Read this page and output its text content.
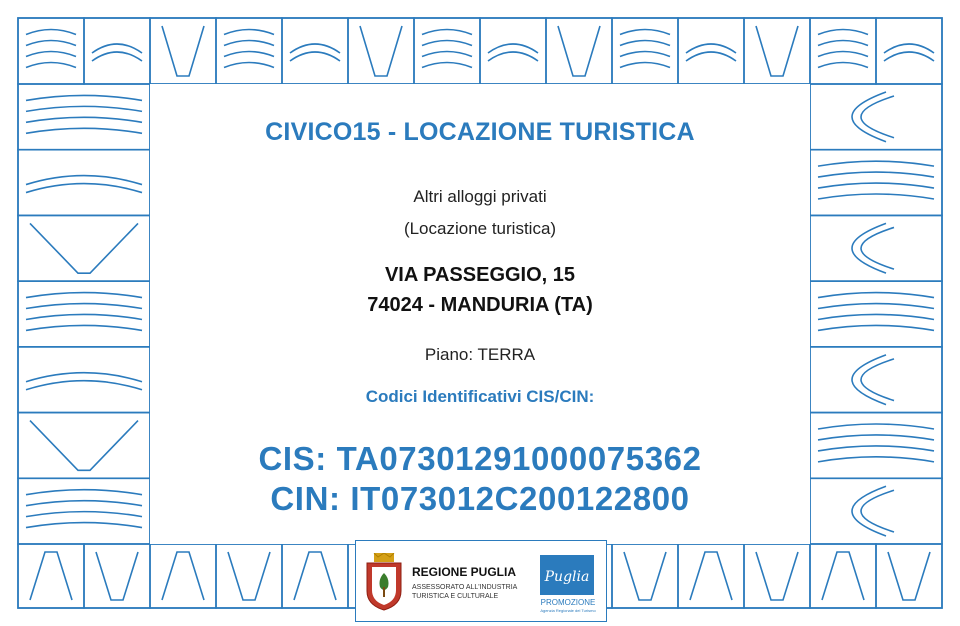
CIVICO15 - LOCAZIONE TURISTICA
Altri alloggi privati
(Locazione turistica)
VIA PASSEGGIO, 15
74024 - MANDURIA (TA)
Piano: TERRA
Codici Identificativi CIS/CIN:
CIS: TA07301291000075362
CIN: IT073012C200122800
REGIONE PUGLIA
ASSESSORATO ALL'INDUSTRIA
TURISTICA E CULTURALE
Puglia
PROMOZIONE
Agenzia Regionale del Turismo
